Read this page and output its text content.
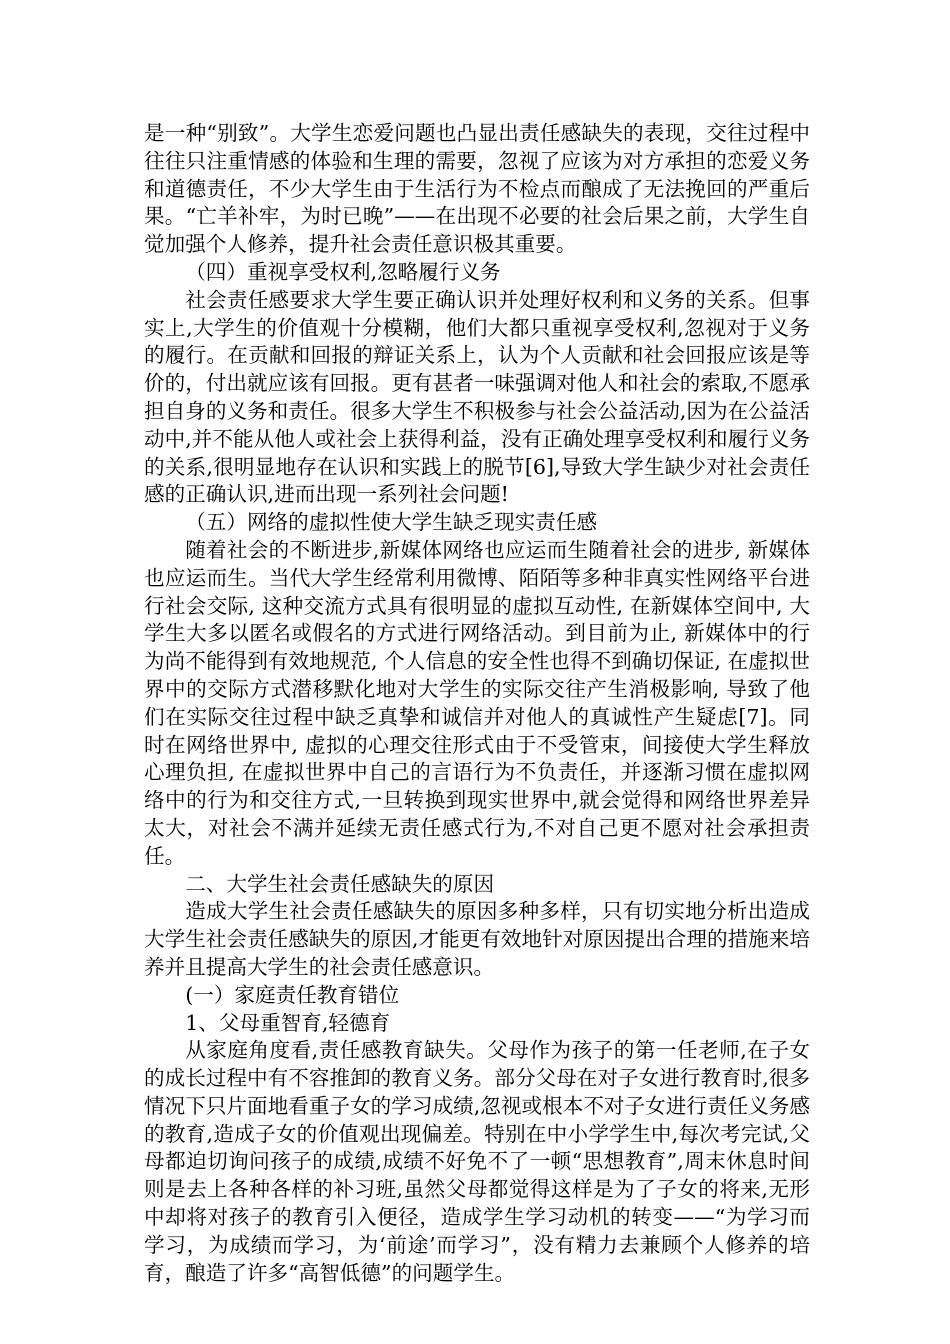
是一种“别致”。大学生恋爱问题也凸显出责任感缺失的表现，交往过程中往往只注重情感的体验和生理的需要，忽视了应该为对方承担的恋爱义务和道德责任，不少大学生由于生活行为不检点而酿成了无法挽回的严重后果。“亡羊补牢，为时已晚”——在出现不必要的社会后果之前，大学生自觉加强个人修养，提升社会责任意识极其重要。

（四）重视享受权利,忽略履行义务

社会责任感要求大学生要正确认识并处理好权利和义务的关系。但事实上,大学生的价值观十分模糊，他们大都只重视享受权利,忽视对于义务的履行。在贡献和回报的辩证关系上，认为个人贡献和社会回报应该是等价的，付出就应该有回报。更有甚者一味强调对他人和社会的索取,不愿承担自身的义务和责任。很多大学生不积极参与社会公益活动,因为在公益活动中,并不能从他人或社会上获得利益，没有正确处理享受权利和履行义务的关系,很明显地存在认识和实践上的脱节[6],导致大学生缺少对社会责任感的正确认识,进而出现一系列社会问题!

（五）网络的虚拟性使大学生缺乏现实责任感

随着社会的不断进步,新媒体网络也应运而生随着社会的进步, 新媒体也应运而生。当代大学生经常利用微博、陌陌等多种非真实性网络平台进行社会交际, 这种交流方式具有很明显的虚拟互动性, 在新媒体空间中, 大学生大多以匿名或假名的方式进行网络活动。到目前为止, 新媒体中的行为尚不能得到有效地规范, 个人信息的安全性也得不到确切保证, 在虚拟世界中的交际方式潜移默化地对大学生的实际交往产生消极影响, 导致了他们在实际交往过程中缺乏真挚和诚信并对他人的真诚性产生疑虑[7]。同时在网络世界中, 虚拟的心理交往形式由于不受管束，间接使大学生释放心理负担, 在虚拟世界中自己的言语行为不负责任，并逐渐习惯在虚拟网络中的行为和交往方式,一旦转换到现实世界中,就会觉得和网络世界差异太大，对社会不满并延续无责任感式行为,不对自己更不愿对社会承担责任。

二、大学生社会责任感缺失的原因

造成大学生社会责任感缺失的原因多种多样，只有切实地分析出造成大学生社会责任感缺失的原因,才能更有效地针对原因提出合理的措施来培养并且提高大学生的社会责任感意识。

(一）家庭责任教育错位

1、父母重智育,轻德育

从家庭角度看,责任感教育缺失。父母作为孩子的第一任老师,在子女的成长过程中有不容推卸的教育义务。部分父母在对子女进行教育时,很多情况下只片面地看重子女的学习成绩,忽视或根本不对子女进行责任义务感的教育,造成子女的价值观出现偏差。特别在中小学学生中,每次考完试,父母都迫切询问孩子的成绩,成绩不好免不了一顿“思想教育”,周末休息时间则是去上各种各样的补习班,虽然父母都觉得这样是为了子女的将来,无形中却将对孩子的教育引入便径，造成学生学习动机的转变——“为学习而学习，为成绩而学习，为‘前途’而学习”，没有精力去兼顾个人修养的培育，酿造了许多“高智低德”的问题学生。
